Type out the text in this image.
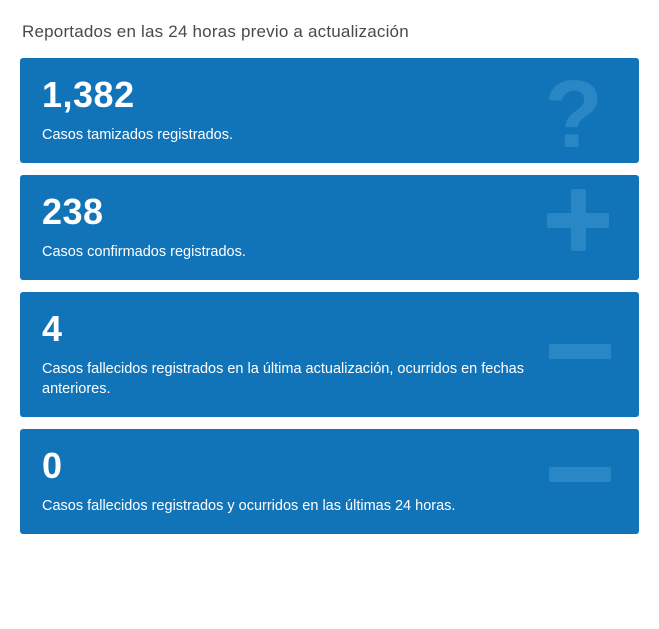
Reportados en las 24 horas previo a actualización
?
1,382
Casos tamizados registrados.
238
Casos confirmados registrados.
4
Casos fallecidos registrados en la última actualización, ocurridos en fechas anteriores.
0
Casos fallecidos registrados y ocurridos en las últimas 24 horas.
